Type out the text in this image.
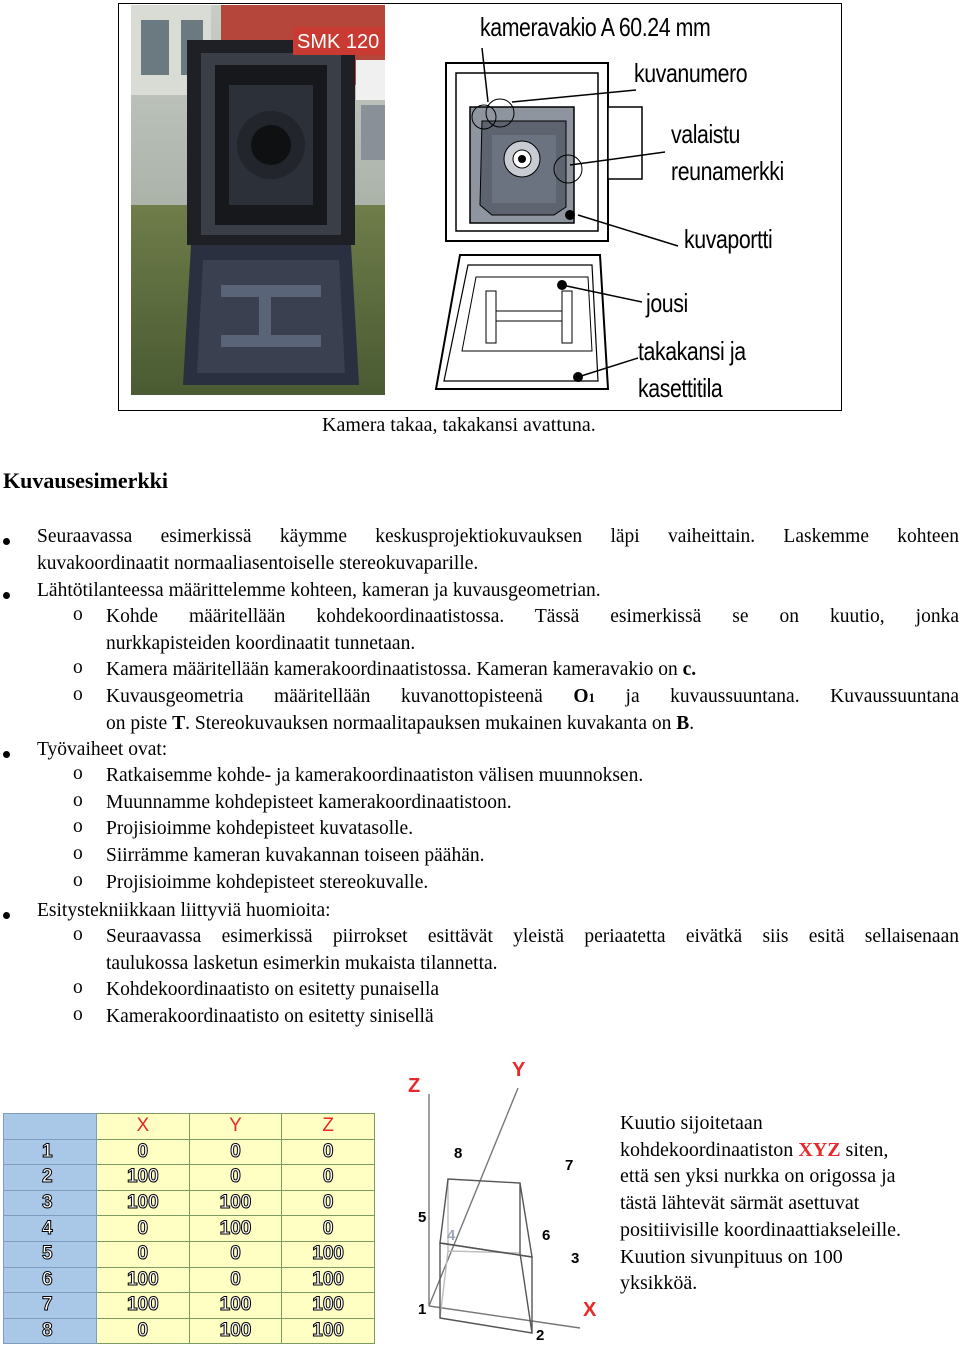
SMK 120	kameravakio A 60.24 mm
kuvanumero
valaistu
reunamerkki
kuvaportti
jousi
takakansi ja
kasettitila
Kamera takaa, takakansi avattuna.
Kuvausesimerkki
Seuraavassa esimerkissä käymme keskusprojektiokuvauksen läpi vaiheittain. Laskemme kohteen
kuvakoordinaatit normaaliasentoiselle stereokuvaparille.
Lähtötilanteessa määrittelemme kohteen, kameran ja kuvausgeometrian.
o Kohde määritellään kohdekoordinaatistossa. Tässä esimerkissä se on kuutio, jonka
nurkkapisteiden koordinaatit tunnetaan.
o Kamera määritellään kamerakoordinaatistossa. Kameran kameravakio on c.
o Kuvausgeometria määritellään kuvanottopisteenä O1 ja kuvaussuuntana. Kuvaussuuntana
on piste T. Stereokuvauksen normaalitapauksen mukainen kuvakanta on B.
Työvaiheet ovat:
o Ratkaisemme kohde- ja kamerakoordinaatiston välisen muunnoksen.
o Muunnamme kohdepisteet kamerakoordinaatistoon.
o Projisioimme kohdepisteet kuvatasolle.
o Siirrämme kameran kuvakannan toiseen päähän.
o Projisioimme kohdepisteet stereokuvalle.
Esitystekniikkaan liittyviä huomioita:
o Seuraavassa esimerkissä piirrokset esittävät yleistä periaatetta eivätkä siis esitä sellaisenaan
taulukossa lasketun esimerkin mukaista tilannetta.
o Kohdekoordinaatisto on esitetty punaisella
o Kamerakoordinaatisto on esitetty sinisellä
	X	Y	Z
1	0	0	0
2	100	0	0
3	100	100	0
4	0	100	0
5	0	0	100
6	100	0	100
7	100	100	100
8	0	100	100
Z
Y
X
1
2
3
4
5
6
7
8
Kuutio sijoitetaan
kohdekoordinaatiston XYZ siten,
että sen yksi nurkka on origossa ja
tästä lähtevät särmät asettuvat
positiivisille koordinaattiakseleille.
Kuution sivunpituus on 100
yksikköä.
